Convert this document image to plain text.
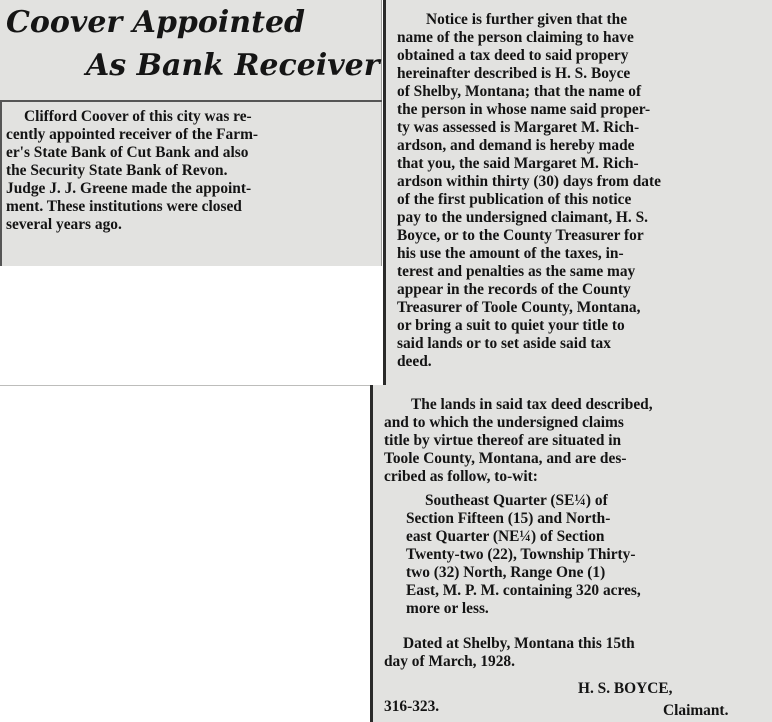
Coover Appointed

As Bank Receiver

Clifford Coover of this city was re-

cently appointed receiver of the Farm-

er's State Bank of Cut Bank and also

the Security State Bank of Revon.

Judge J. J. Greene made the appoint-

ment. These institutions were closed

several years ago.

Notice is further given that the

name of the person claiming to have

obtained a tax deed to said propery

hereinafter described is H. S. Boyce

of Shelby, Montana; that the name of

the person in whose name said proper-

ty was assessed is Margaret M. Rich-

ardson, and demand is hereby made

that you, the said Margaret M. Rich-

ardson within thirty (30) days from date

of the first publication of this notice

pay to the undersigned claimant, H. S.

Boyce, or to the County Treasurer for

his use the amount of the taxes, in-

terest and penalties as the same may

appear in the records of the County

Treasurer of Toole County, Montana,

or bring a suit to quiet your title to

said lands or to set aside said tax

deed.

The lands in said tax deed described,

and to which the undersigned claims

title by virtue thereof are situated in

Toole County, Montana, and are des-

cribed as follow, to-wit:

Southeast Quarter (SE¼) of

Section Fifteen (15) and North-

east Quarter (NE¼) of Section

Twenty-two (22), Township Thirty-

two (32) North, Range One (1)

East, M. P. M. containing 320 acres,

more or less.

Dated at Shelby, Montana this 15th

day of March, 1928.

H. S. BOYCE,

316-323.	Claimant.
